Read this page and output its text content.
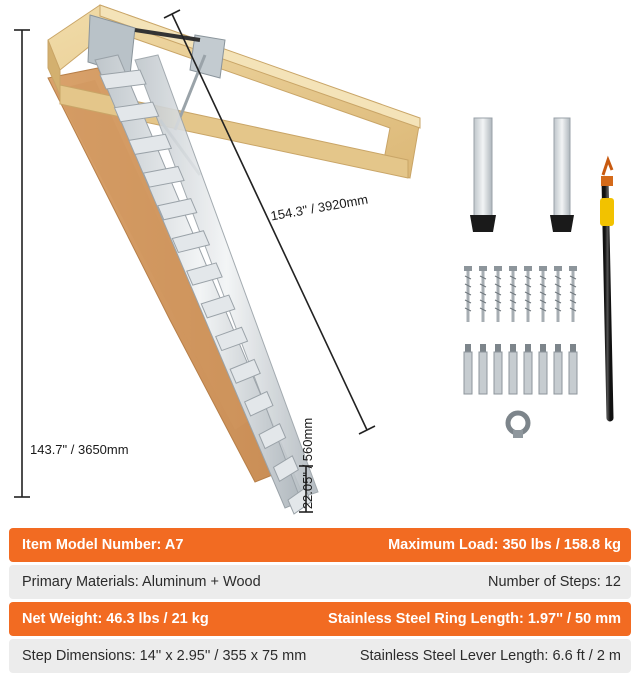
143.7" / 3650mm
154.3" / 3920mm
22.05" / 560mm
Item Model Number: A7	Maximum Load: 350 lbs / 158.8 kg
Primary Materials: Aluminum + Wood	Number of Steps: 12
Net Weight: 46.3 lbs / 21 kg	Stainless Steel Ring Length: 1.97'' / 50 mm
Step Dimensions: 14'' x 2.95'' / 355 x 75 mm	Stainless Steel Lever Length: 6.6 ft / 2 m
